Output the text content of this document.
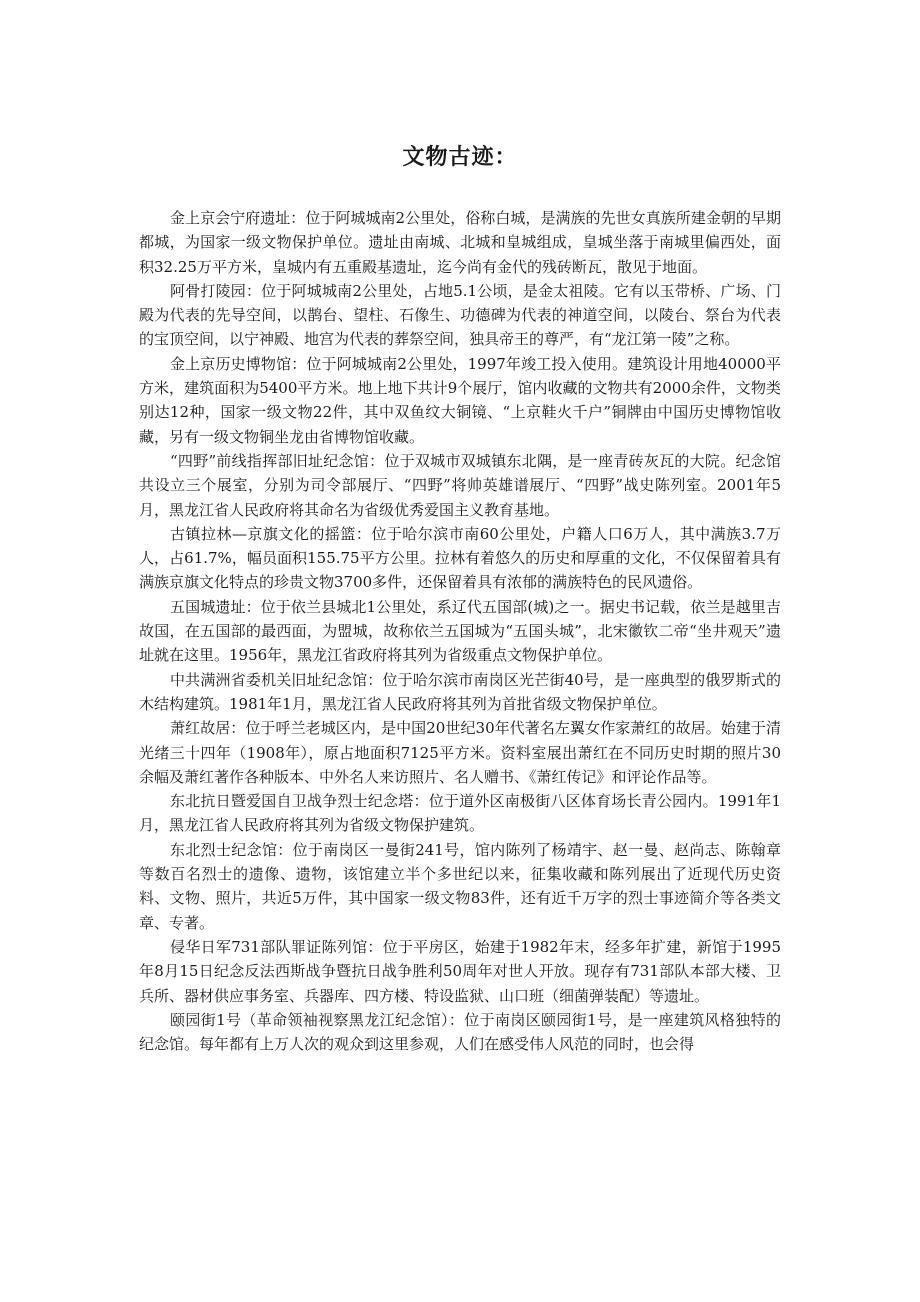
文物古迹：

金上京会宁府遗址：位于阿城城南2公里处，俗称白城，是满族的先世女真族所建金朝的早期都城，为国家一级文物保护单位。遗址由南城、北城和皇城组成，皇城坐落于南城里偏西处，面积32.25万平方米，皇城内有五重殿基遗址，迄今尚有金代的残砖断瓦，散见于地面。

阿骨打陵园：位于阿城城南2公里处，占地5.1公顷，是金太祖陵。它有以玉带桥、广场、门殿为代表的先导空间，以鹊台、望柱、石像生、功德碑为代表的神道空间，以陵台、祭台为代表的宝顶空间，以宁神殿、地宫为代表的葬祭空间，独具帝王的尊严，有“龙江第一陵”之称。

金上京历史博物馆：位于阿城城南2公里处，1997年竣工投入使用。建筑设计用地40000平方米，建筑面积为5400平方米。地上地下共计9个展厅，馆内收藏的文物共有2000余件，文物类别达12种，国家一级文物22件，其中双鱼纹大铜镜、“上京鞋火千户”铜牌由中国历史博物馆收藏，另有一级文物铜坐龙由省博物馆收藏。

“四野”前线指挥部旧址纪念馆：位于双城市双城镇东北隅，是一座青砖灰瓦的大院。纪念馆共设立三个展室，分别为司令部展厅、“四野”将帅英雄谱展厅、“四野”战史陈列室。2001年5月，黑龙江省人民政府将其命名为省级优秀爱国主义教育基地。

古镇拉林—京旗文化的摇篮：位于哈尔滨市南60公里处，户籍人口6万人，其中满族3.7万人，占61.7%，幅员面积155.75平方公里。拉林有着悠久的历史和厚重的文化，不仅保留着具有满族京旗文化特点的珍贵文物3700多件，还保留着具有浓郁的满族特色的民风遗俗。

五国城遗址：位于依兰县城北1公里处，系辽代五国部(城)之一。据史书记载，依兰是越里吉故国，在五国部的最西面，为盟城，故称依兰五国城为“五国头城”，北宋徽钦二帝“坐井观天”遗址就在这里。1956年，黑龙江省政府将其列为省级重点文物保护单位。

中共满洲省委机关旧址纪念馆：位于哈尔滨市南岗区光芒街40号，是一座典型的俄罗斯式的木结构建筑。1981年1月，黑龙江省人民政府将其列为首批省级文物保护单位。

萧红故居：位于呼兰老城区内，是中国20世纪30年代著名左翼女作家萧红的故居。始建于清光绪三十四年（1908年），原占地面积7125平方米。资料室展出萧红在不同历史时期的照片30余幅及萧红著作各种版本、中外名人来访照片、名人赠书、《萧红传记》和评论作品等。

东北抗日暨爱国自卫战争烈士纪念塔：位于道外区南极街八区体育场长青公园内。1991年1月，黑龙江省人民政府将其列为省级文物保护建筑。

东北烈士纪念馆：位于南岗区一曼街241号，馆内陈列了杨靖宇、赵一曼、赵尚志、陈翰章等数百名烈士的遗像、遗物，该馆建立半个多世纪以来，征集收藏和陈列展出了近现代历史资料、文物、照片，共近5万件，其中国家一级文物83件，还有近千万字的烈士事迹简介等各类文章、专著。

侵华日军731部队罪证陈列馆：位于平房区，始建于1982年末，经多年扩建，新馆于1995年8月15日纪念反法西斯战争暨抗日战争胜利50周年对世人开放。现存有731部队本部大楼、卫兵所、器材供应事务室、兵器库、四方楼、特设监狱、山口班（细菌弹装配）等遗址。

颐园街1号（革命领袖视察黑龙江纪念馆）：位于南岗区颐园街1号，是一座建筑风格独特的纪念馆。每年都有上万人次的观众到这里参观，人们在感受伟人风范的同时，也会得
